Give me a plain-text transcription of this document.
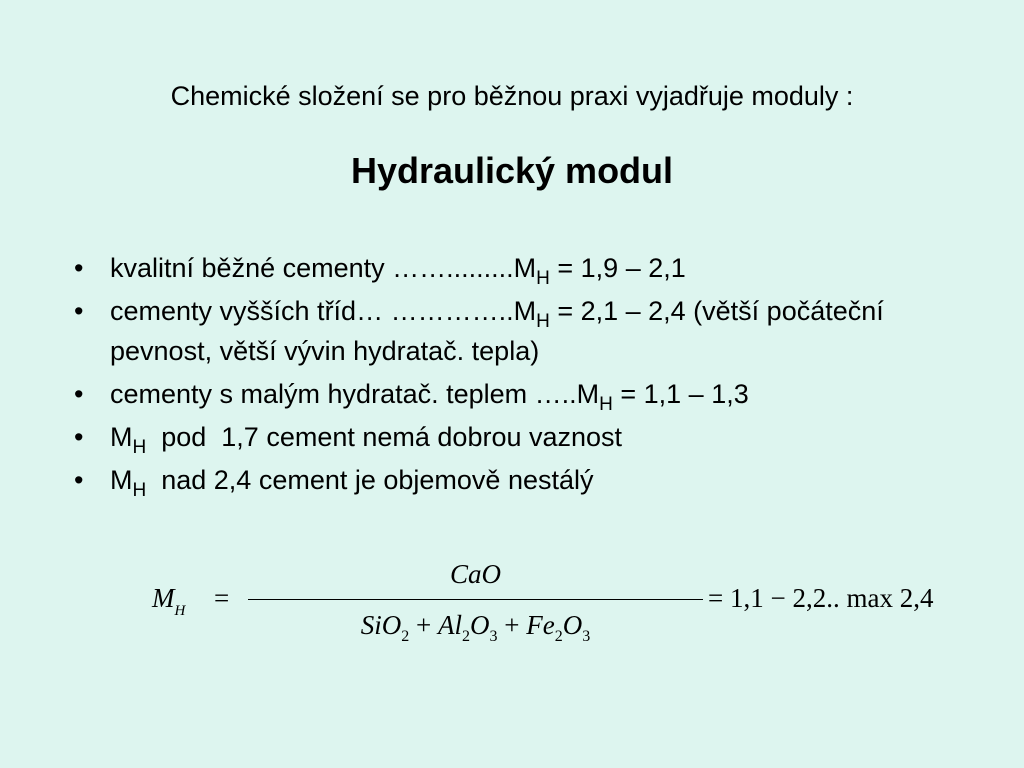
Chemické složení se pro běžnou praxi vyjadřuje moduly :
Hydraulický modul
• kvalitní běžné cementy $\dots\dots.........M_H = 1,9 - 2,1$
• cementy vyšších tříd… $\dots\dots\dots\dots..M_H = 2,1 - 2,4$ (větší počáteční pevnost, větší vývin hydratač. tepla)
• cementy s malým hydratač. teplem $\dots..M_H = 1,1 - 1,3$
• $M_H$  pod  1,7 cement nemá dobrou vaznost
• $M_H$  nad 2,4 cement je objemově nestálý
$M_H$ =
CaO
$SiO_2 + Al_2O_3 + Fe_2O_3$
= 1,1 − 2,2.. max 2,4
